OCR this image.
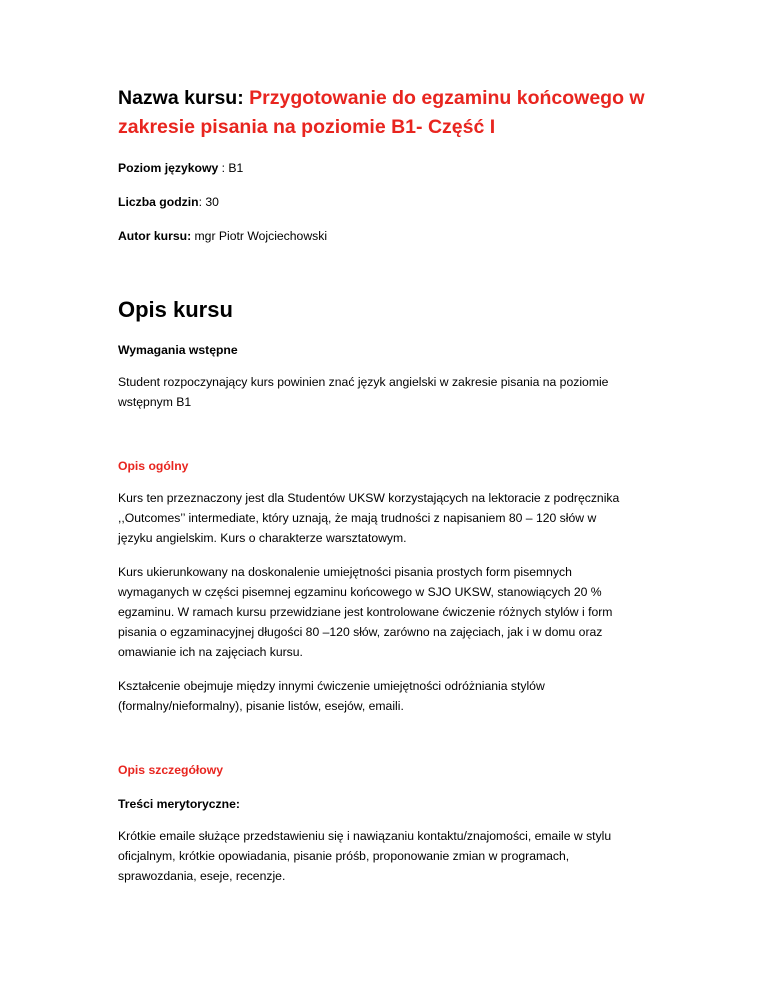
Nazwa kursu: Przygotowanie do egzaminu końcowego w zakresie pisania na poziomie B1- Część I

Poziom językowy : B1

Liczba godzin: 30

Autor kursu: mgr Piotr Wojciechowski

Opis kursu

Wymagania wstępne

Student rozpoczynający kurs powinien znać język angielski w zakresie pisania na poziomie
wstępnym B1

Opis ogólny

Kurs ten przeznaczony jest dla Studentów UKSW korzystających na lektoracie z podręcznika
,,Outcomes’’ intermediate, który uznają, że mają trudności z napisaniem 80 – 120 słów w
języku angielskim. Kurs o charakterze warsztatowym.

Kurs ukierunkowany na doskonalenie umiejętności pisania prostych form pisemnych
wymaganych w części pisemnej egzaminu końcowego w SJO UKSW, stanowiących 20 %
egzaminu. W ramach kursu przewidziane jest kontrolowane ćwiczenie różnych stylów i form
pisania o egzaminacyjnej długości 80 –120 słów, zarówno na zajęciach, jak i w domu oraz
omawianie ich na zajęciach kursu.

Kształcenie obejmuje między innymi ćwiczenie umiejętności odróżniania stylów
(formalny/nieformalny), pisanie listów, esejów, emaili.

Opis szczegółowy

Treści merytoryczne:

Krótkie emaile służące przedstawieniu się i nawiązaniu kontaktu/znajomości, emaile w stylu
oficjalnym, krótkie opowiadania, pisanie próśb, proponowanie zmian w programach,
sprawozdania, eseje, recenzje.
